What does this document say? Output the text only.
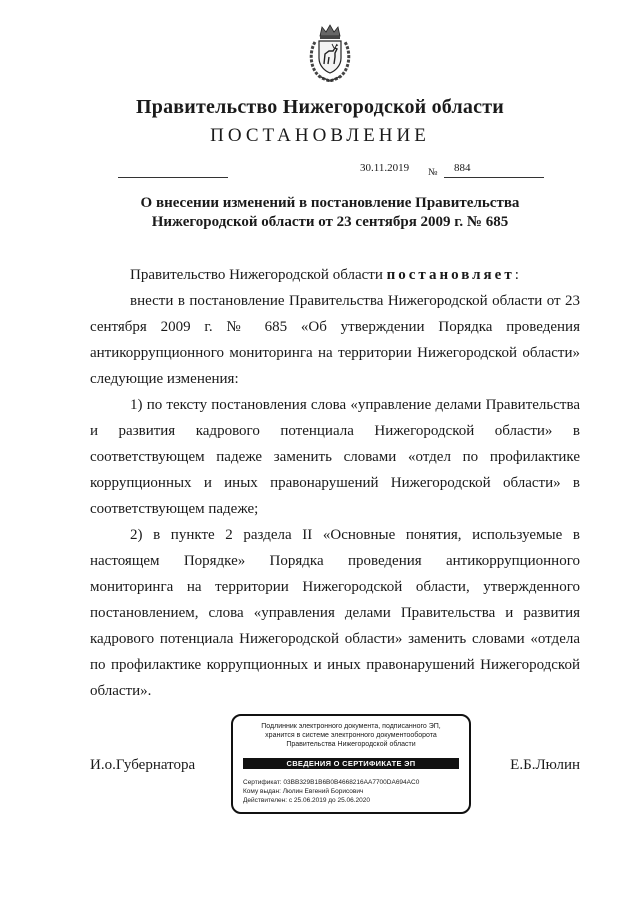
Правительство Нижегородской области
ПОСТАНОВЛЕНИЕ
30.11.2019 № 884
О внесении изменений в постановление Правительства
Нижегородской области от 23 сентября 2009 г. № 685

Правительство Нижегородской области постановляет:

внести в постановление Правительства Нижегородской области от 23 сентября 2009 г. № 685 «Об утверждении Порядка проведения антикоррупционного мониторинга на территории Нижегородской области» следующие изменения:

1) по тексту постановления слова «управление делами Правительства и развития кадрового потенциала Нижегородской области» в соответствующем падеже заменить словами «отдел по профилактике коррупционных и иных правонарушений Нижегородской области» в соответствующем падеже;

2) в пункте 2 раздела II «Основные понятия, используемые в настоящем Порядке» Порядка проведения антикоррупционного мониторинга на территории Нижегородской области, утвержденного постановлением, слова «управления делами Правительства и развития кадрового потенциала Нижегородской области» заменить словами «отдела по профилактике коррупционных и иных правонарушений Нижегородской области».

И.о.Губернатора
Подлинник электронного документа, подписанного ЭП,
хранится в системе электронного документооборота
Правительства Нижегородской области
СВЕДЕНИЯ О СЕРТИФИКАТЕ ЭП
Сертификат: 03BB329B1B6B0B4668216AA7700DA694AC0
Кому выдан: Люлин Евгений Борисович
Действителен: с 25.06.2019 до 25.06.2020
Е.Б.Люлин
